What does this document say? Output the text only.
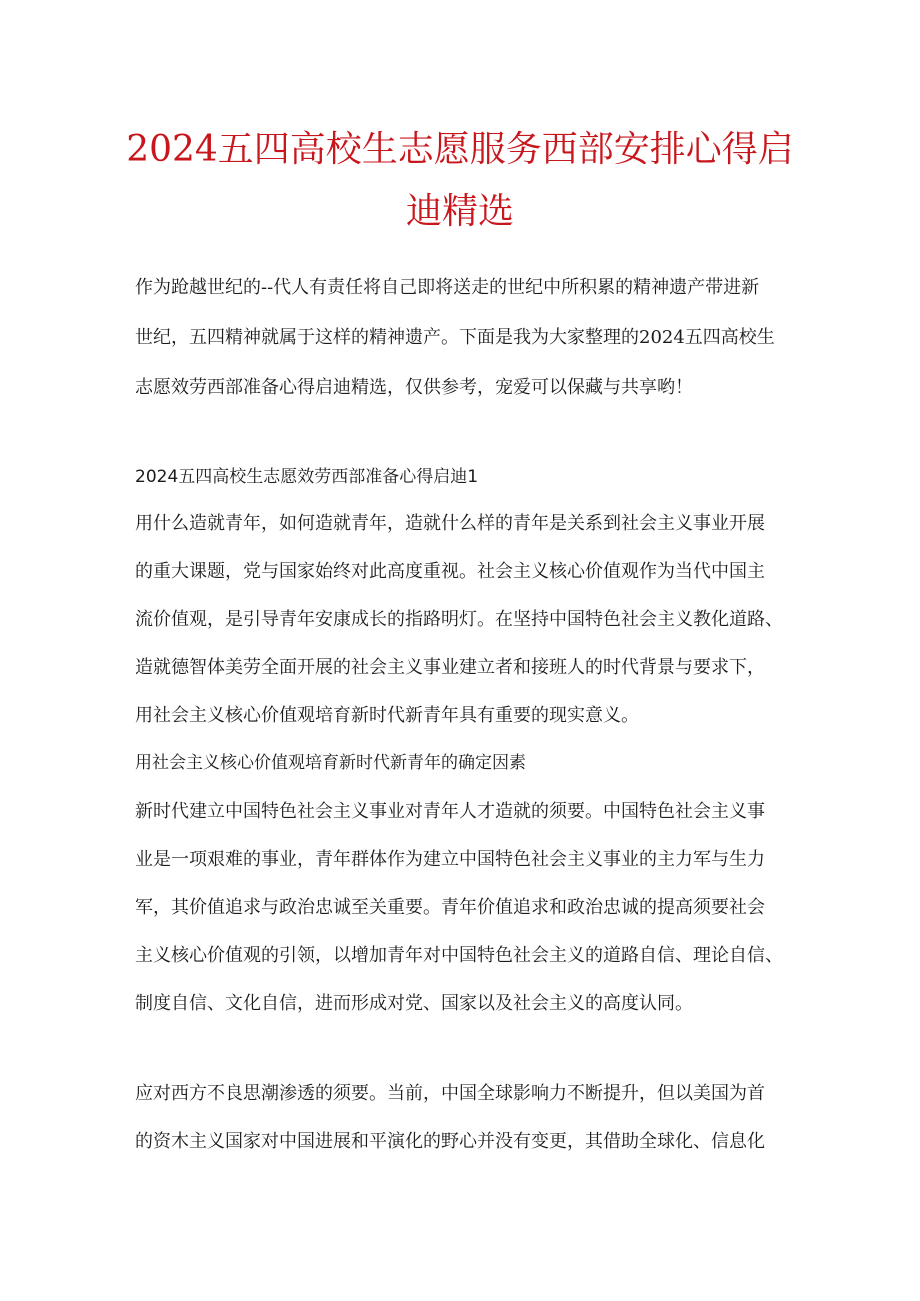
2024五四高校生志愿服务西部安排心得启
迪精选

作为跄越世纪的--代人有责任将自己即将送走的世纪中所积累的精神遗产带进新

世纪，五四精神就属于这样的精神遗产。下面是我为大家整理的2024五四高校生

志愿效劳西部准备心得启迪精选，仅供参考，宠爱可以保藏与共享哟！

2024五四高校生志愿效劳西部准备心得启迪1

用什么造就青年，如何造就青年，造就什么样的青年是关系到社会主义事业开展

的重大课题，党与国家始终对此高度重视。社会主义核心价值观作为当代中国主

流价值观，是引导青年安康成长的指路明灯。在坚持中国特色社会主义教化道路、

造就德智体美劳全面开展的社会主义事业建立者和接班人的时代背景与要求下，

用社会主义核心价值观培育新时代新青年具有重要的现实意义。

用社会主义核心价值观培育新时代新青年的确定因素

新时代建立中国特色社会主义事业对青年人才造就的须要。中国特色社会主义事

业是一项艰难的事业，青年群体作为建立中国特色社会主义事业的主力军与生力

军，其价值追求与政治忠诚至关重要。青年价值追求和政治忠诚的提高须要社会

主义核心价值观的引领，以增加青年对中国特色社会主义的道路自信、理论自信、

制度自信、文化自信，进而形成对党、国家以及社会主义的高度认同。

应对西方不良思潮渗透的须要。当前，中国全球影响力不断提升，但以美国为首

的资木主义国家对中国进展和平演化的野心并没有变更，其借助全球化、信息化
